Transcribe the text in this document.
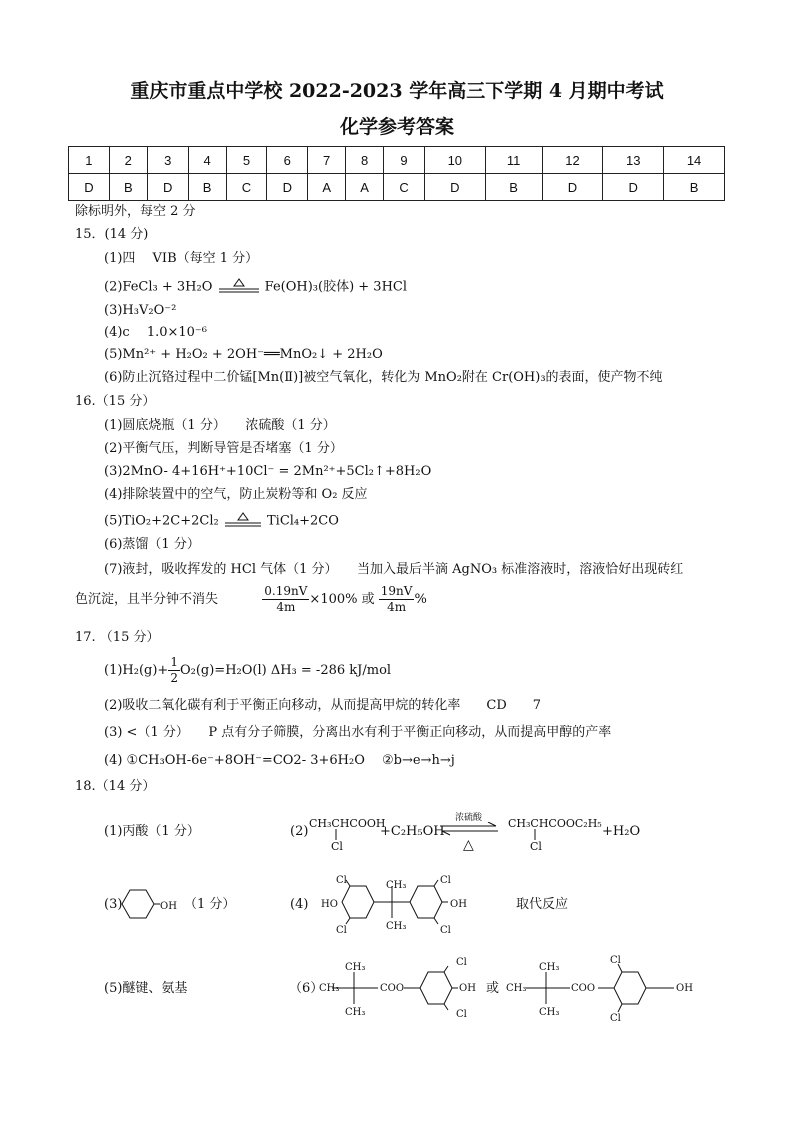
重庆市重点中学校 2022-2023 学年高三下学期 4 月期中考试
化学参考答案
1	2	3	4	5	6	7	8	9	10	11	12	13	14
D	B	D	B	C	D	A	A	C	D	B	D	D	B
除标明外，每空 2 分
15．(14 分)
(1)四　 VIB（每空 1 分）
(2)FeCl₃ + 3H₂O	Fe(OH)₃(胶体) + 3HCl
(3)H₃V₂O⁻²
(4)c　 1.0×10⁻⁶
(5)Mn²⁺ + H₂O₂ + 2OH⁻══MnO₂↓ + 2H₂O
(6)防止沉铬过程中二价锰[Mn(Ⅱ)]被空气氧化，转化为 MnO₂附在 Cr(OH)₃的表面，使产物不纯
16.（15 分）
(1)圆底烧瓶（1 分）　　浓硫酸（1 分）
(2)平衡气压，判断导管是否堵塞（1 分）
(3)2MnO- 4+16H⁺+10Cl⁻ = 2Mn²⁺+5Cl₂↑+8H₂O
(4)排除装置中的空气，防止炭粉等和 O₂ 反应
(5)TiO₂+2C+2Cl₂	TiCl₄+2CO
(6)蒸馏（1 分）
(7)液封，吸收挥发的 HCl 气体（1 分）　　当加入最后半滴 AgNO₃ 标准溶液时，溶液恰好出现砖红
色沉淀，且半分钟不消失	$\frac{0.19nV}{4m} \times 100\%$ 或 $\frac{19nV}{4m}$ %
17. （15 分）
$(1)H_2(g)+ \frac{1}{2} O_2(g)=H_2O(l) \Delta H_3 = -286$ kJ/mol
(2)吸收二氧化碳有利于平衡正向移动，从而提高甲烷的转化率　　CD　　7
(3) <（1 分）　　P 点有分子筛膜，分离出水有利于平衡正向移动，从而提高甲醇的产率
(4) ①CH₃OH-6e⁻+8OH⁻=CO2- 3+6H₂O　 ②b→e→h→j
18.（14 分）
(1)丙酸（1 分）	(2)
CH₃CHCOOH
Cl
+C₂H₅OH
浓硫酸
△
CH₃CHCOOC₂H₅
Cl
+H₂O
(3)	OH （1 分）	(4)
Cl
HO
Cl
CH₃
CH₃
Cl
OH
Cl
取代反应
(5)醚键、氨基	（6）
CH₃
CH₃
CH₃
COO
Cl
OH
Cl
或 CH₃
CH₃
CH₃
COO
Cl
OH
Cl
